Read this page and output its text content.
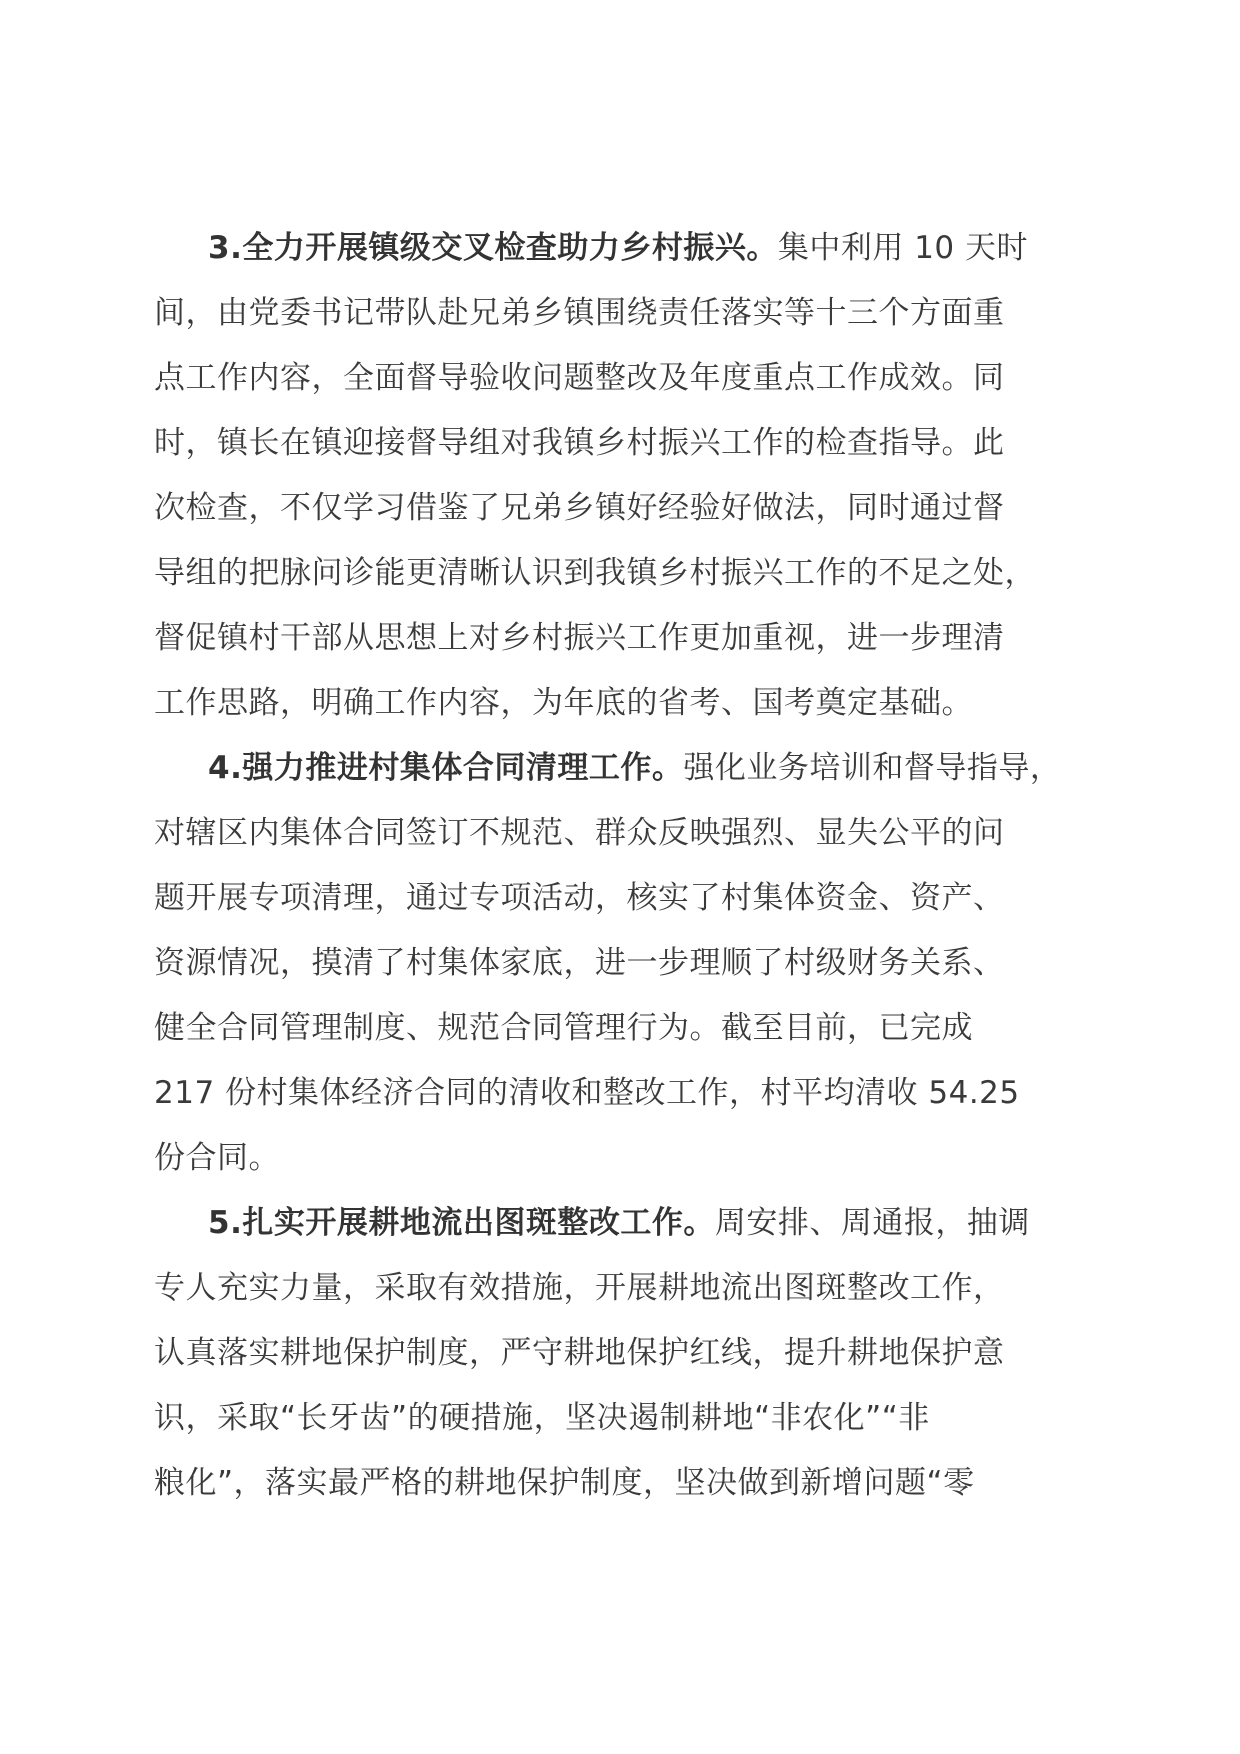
3.全力开展镇级交叉检查助力乡村振兴。集中利用 10 天时
间，由党委书记带队赴兄弟乡镇围绕责任落实等十三个方面重
点工作内容，全面督导验收问题整改及年度重点工作成效。同
时，镇长在镇迎接督导组对我镇乡村振兴工作的检查指导。此
次检查，不仅学习借鉴了兄弟乡镇好经验好做法，同时通过督
导组的把脉问诊能更清晰认识到我镇乡村振兴工作的不足之处，
督促镇村干部从思想上对乡村振兴工作更加重视，进一步理清
工作思路，明确工作内容，为年底的省考、国考奠定基础。
4.强力推进村集体合同清理工作。强化业务培训和督导指导，
对辖区内集体合同签订不规范、群众反映强烈、显失公平的问
题开展专项清理，通过专项活动，核实了村集体资金、资产、
资源情况，摸清了村集体家底，进一步理顺了村级财务关系、
健全合同管理制度、规范合同管理行为。截至目前，已完成
217 份村集体经济合同的清收和整改工作，村平均清收 54.25
份合同。
5.扎实开展耕地流出图斑整改工作。周安排、周通报，抽调
专人充实力量，采取有效措施，开展耕地流出图斑整改工作，
认真落实耕地保护制度，严守耕地保护红线，提升耕地保护意
识，采取“长牙齿”的硬措施，坚决遏制耕地“非农化”“非
粮化”，落实最严格的耕地保护制度，坚决做到新增问题“零
